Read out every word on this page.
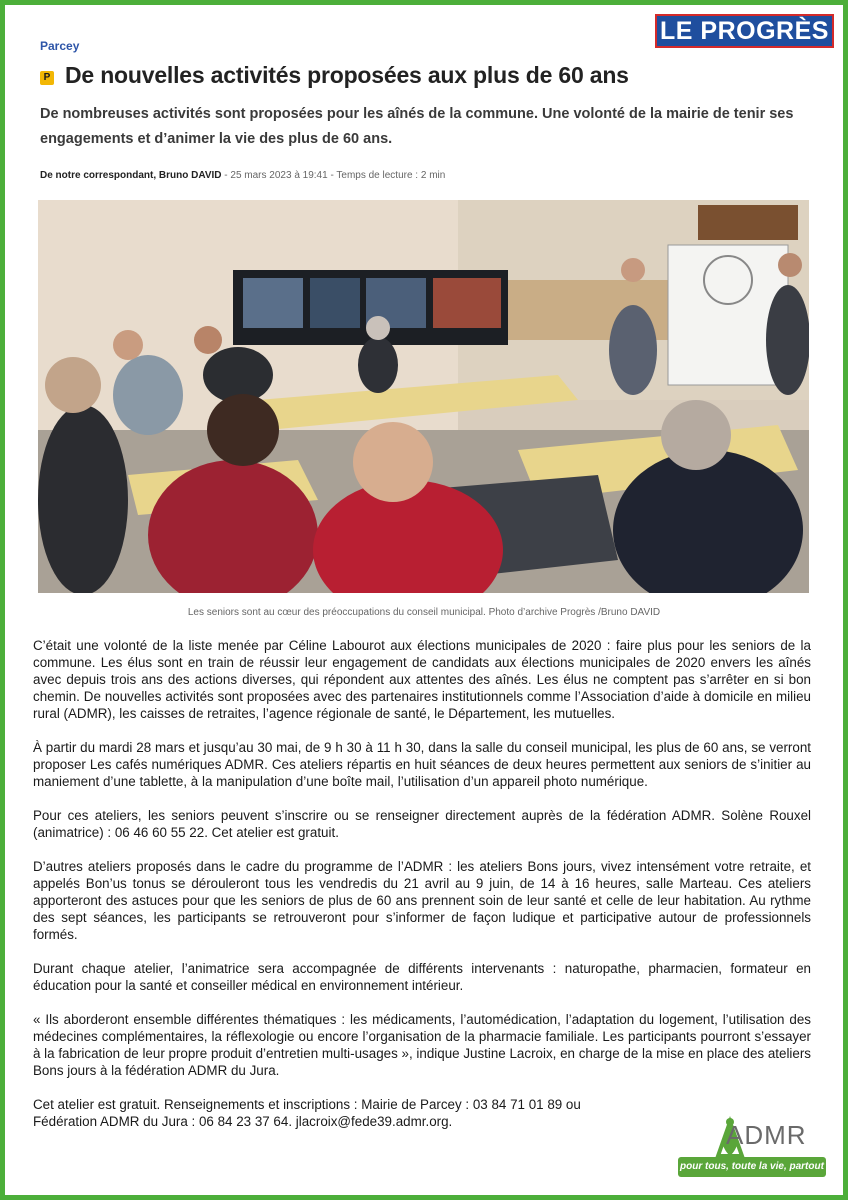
LE PROGRÈS
Parcey
P De nouvelles activités proposées aux plus de 60 ans
De nombreuses activités sont proposées pour les aînés de la commune. Une volonté de la mairie de tenir ses engagements et d’animer la vie des plus de 60 ans.
De notre correspondant, Bruno DAVID - 25 mars 2023 à 19:41 - Temps de lecture : 2 min
Les seniors sont au cœur des préoccupations du conseil municipal. Photo d’archive Progrès /Bruno DAVID

C’était une volonté de la liste menée par Céline Labourot aux élections municipales de 2020 : faire plus pour les seniors de la commune. Les élus sont en train de réussir leur engagement de candidats aux élections municipales de 2020 envers les aînés avec depuis trois ans des actions diverses, qui répondent aux attentes des aînés. Les élus ne comptent pas s’arrêter en si bon chemin. De nouvelles activités sont proposées avec des partenaires institutionnels comme l’Association d’aide à domicile en milieu rural (ADMR), les caisses de retraites, l’agence régionale de santé, le Département, les mutuelles.

À partir du mardi 28 mars et jusqu’au 30 mai, de 9 h 30 à 11 h 30, dans la salle du conseil municipal, les plus de 60 ans, se verront proposer Les cafés numériques ADMR. Ces ateliers répartis en huit séances de deux heures permettent aux seniors de s’initier au maniement d’une tablette, à la manipulation d’une boîte mail, l’utilisation d’un appareil photo numérique.

Pour ces ateliers, les seniors peuvent s’inscrire ou se renseigner directement auprès de la fédération ADMR. Solène Rouxel (animatrice) : 06 46 60 55 22. Cet atelier est gratuit.

D’autres ateliers proposés dans le cadre du programme de l’ADMR : les ateliers Bons jours, vivez intensément votre retraite, et appelés Bon’us tonus se dérouleront tous les vendredis du 21 avril au 9 juin, de 14 à 16 heures, salle Marteau. Ces ateliers apporteront des astuces pour que les seniors de plus de 60 ans prennent soin de leur santé et celle de leur habitation. Au rythme des sept séances, les participants se retrouveront pour s’informer de façon ludique et participative autour de professionnels formés.

Durant chaque atelier, l’animatrice sera accompagnée de différents intervenants : naturopathe, pharmacien, formateur en éducation pour la santé et conseiller médical en environnement intérieur.

« Ils aborderont ensemble différentes thématiques : les médicaments, l’automédication, l’adaptation du logement, l’utilisation des médecines complémentaires, la réflexologie ou encore l’organisation de la pharmacie familiale. Les participants pourront s’essayer à la fabrication de leur propre produit d’entretien multi-usages », indique Justine Lacroix, en charge de la mise en place des ateliers Bons jours à la fédération ADMR du Jura.

Cet atelier est gratuit. Renseignements et inscriptions : Mairie de Parcey : 03 84 71 01 89 ou
Fédération ADMR du Jura : 06 84 23 37 64. jlacroix@fede39.admr.org.	ADMR
pour tous, toute la vie, partout
